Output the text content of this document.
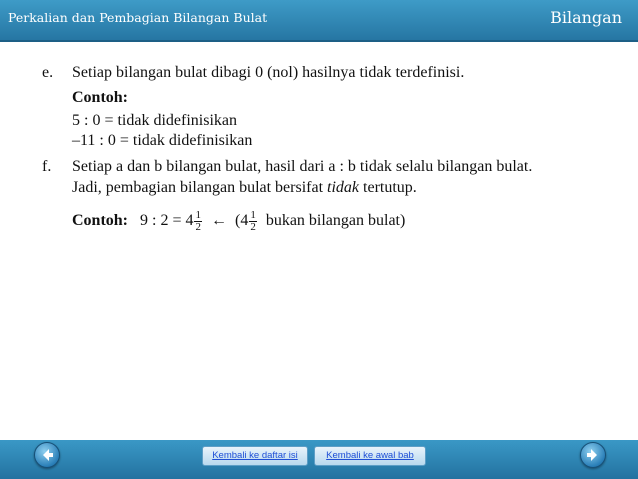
Perkalian dan Pembagian Bilangan Bulat	Bilangan
e. Setiap bilangan bulat dibagi 0 (nol) hasilnya tidak terdefinisi.
Contoh:
5 : 0 = tidak didefinisikan
–11 : 0 = tidak didefinisikan
f. Setiap a dan b bilangan bulat, hasil dari a : b tidak selalu bilangan bulat.
Jadi, pembagian bilangan bulat bersifat tidak tertutup.
Contoh: 9 : $2 = 4 \frac{1}{2}$ ← ($4 \frac{1}{2}$ bukan bilangan bulat)
Kembali ke daftar isi	Kembali ke awal bab
